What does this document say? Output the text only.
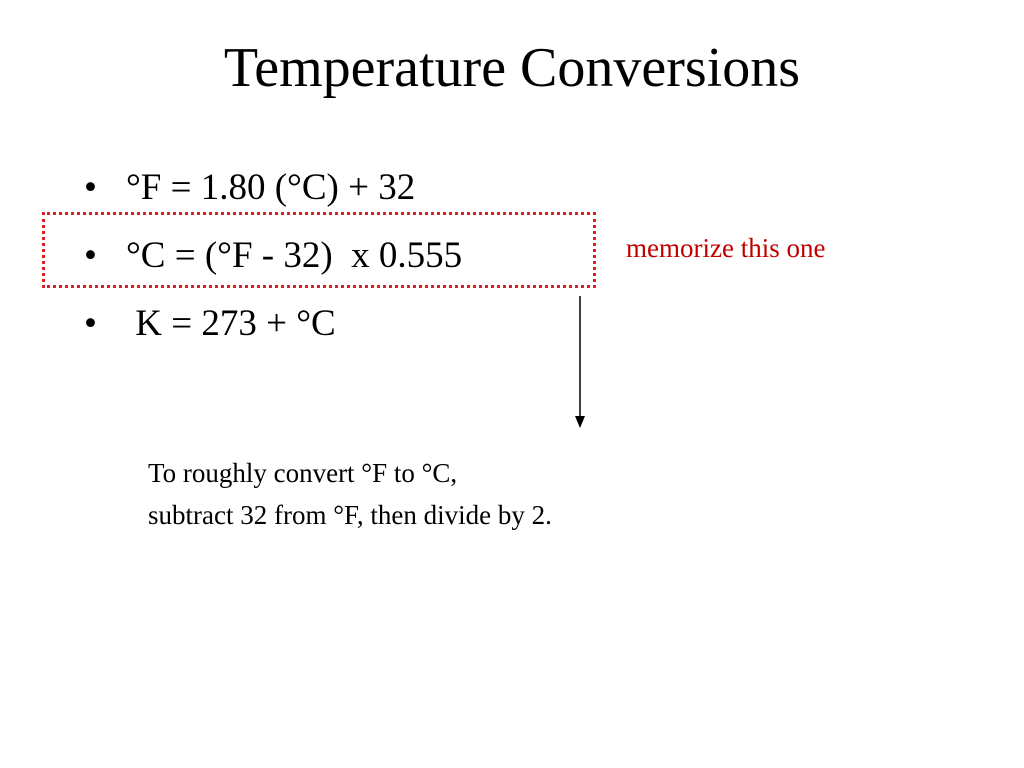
Temperature Conversions
• °F = 1.80 (°C) + 32
• °C = (°F - 32)  x 0.555
• K = 273 + °C
memorize this one
To roughly convert °F to °C,
subtract 32 from °F, then divide by 2.
